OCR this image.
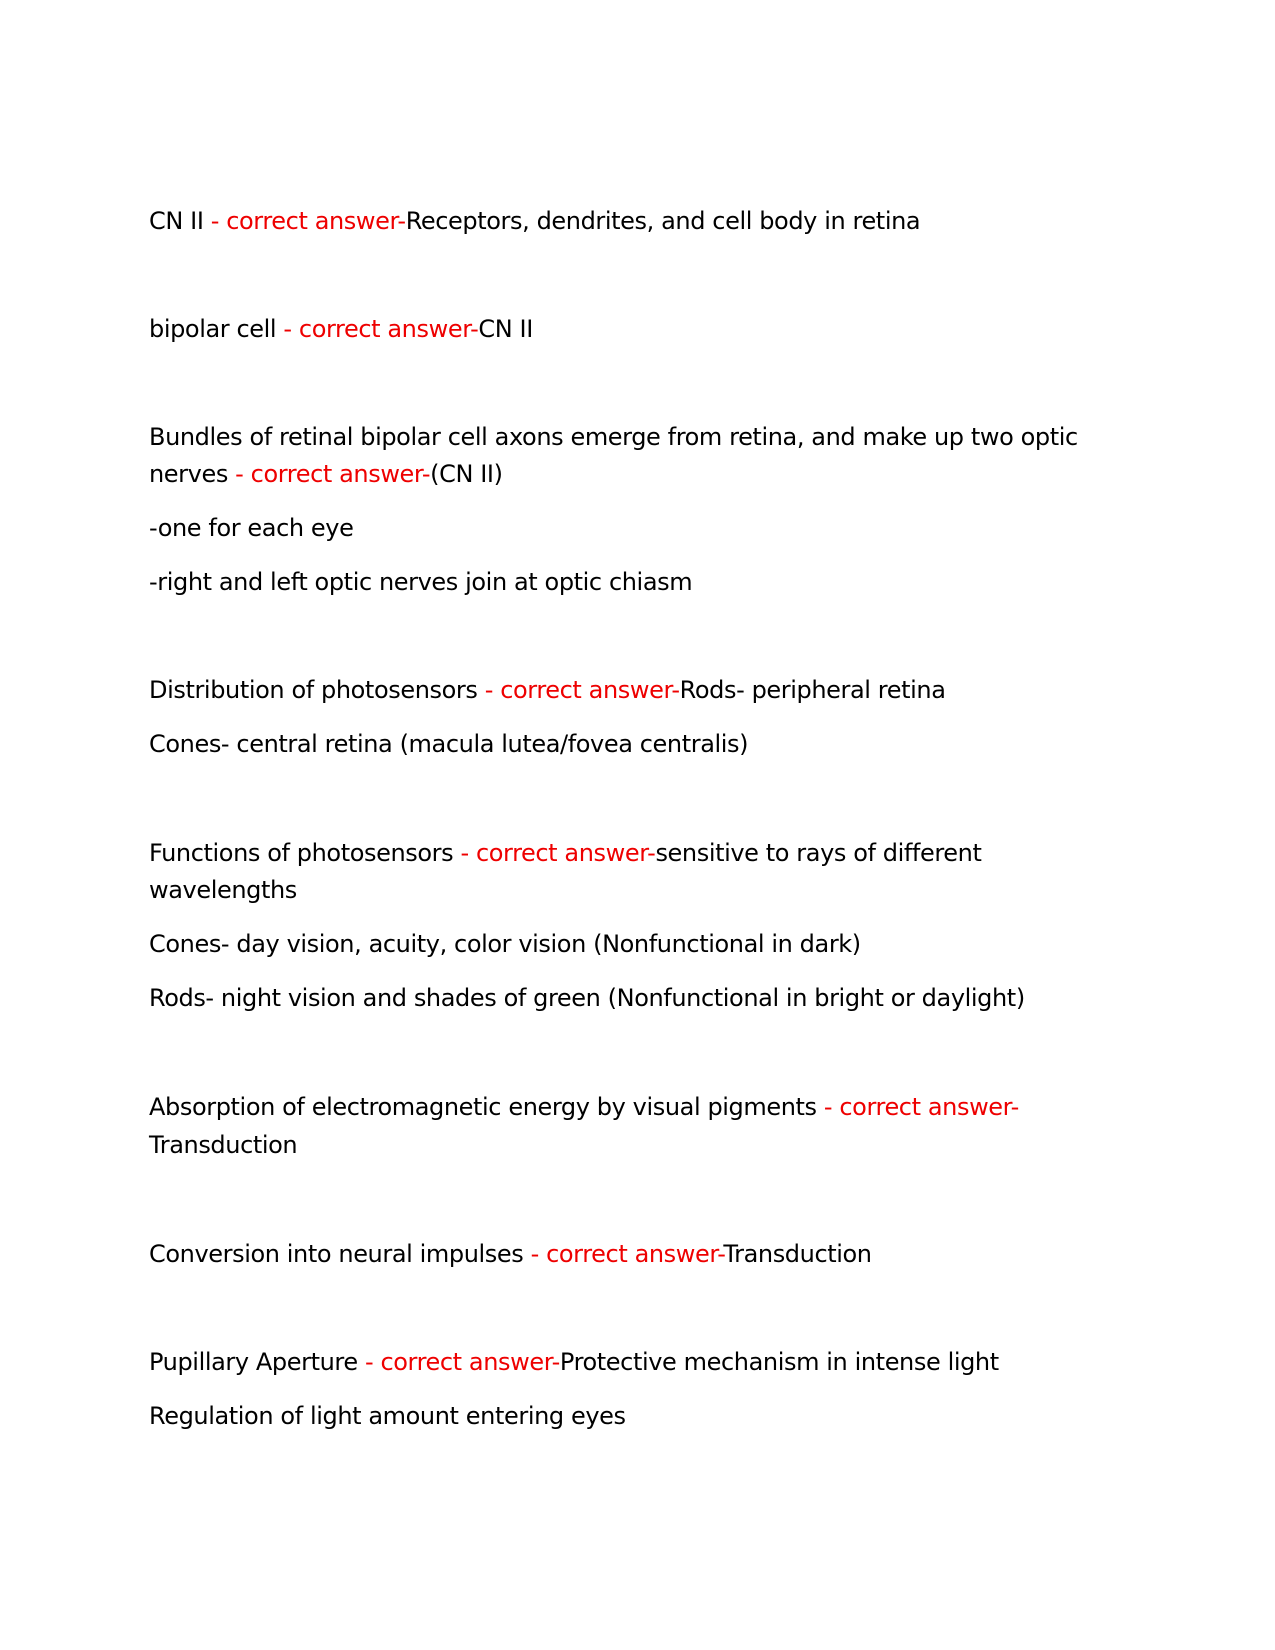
CN II - correct answer-Receptors, dendrites, and cell body in retina
bipolar cell - correct answer-CN II
Bundles of retinal bipolar cell axons emerge from retina, and make up two optic
nerves - correct answer-(CN II)
-one for each eye
-right and left optic nerves join at optic chiasm
Distribution of photosensors - correct answer-Rods- peripheral retina
Cones- central retina (macula lutea/fovea centralis)
Functions of photosensors - correct answer-sensitive to rays of different
wavelengths
Cones- day vision, acuity, color vision (Nonfunctional in dark)
Rods- night vision and shades of green (Nonfunctional in bright or daylight)
Absorption of electromagnetic energy by visual pigments - correct answer-
Transduction
Conversion into neural impulses - correct answer-Transduction
Pupillary Aperture - correct answer-Protective mechanism in intense light
Regulation of light amount entering eyes
